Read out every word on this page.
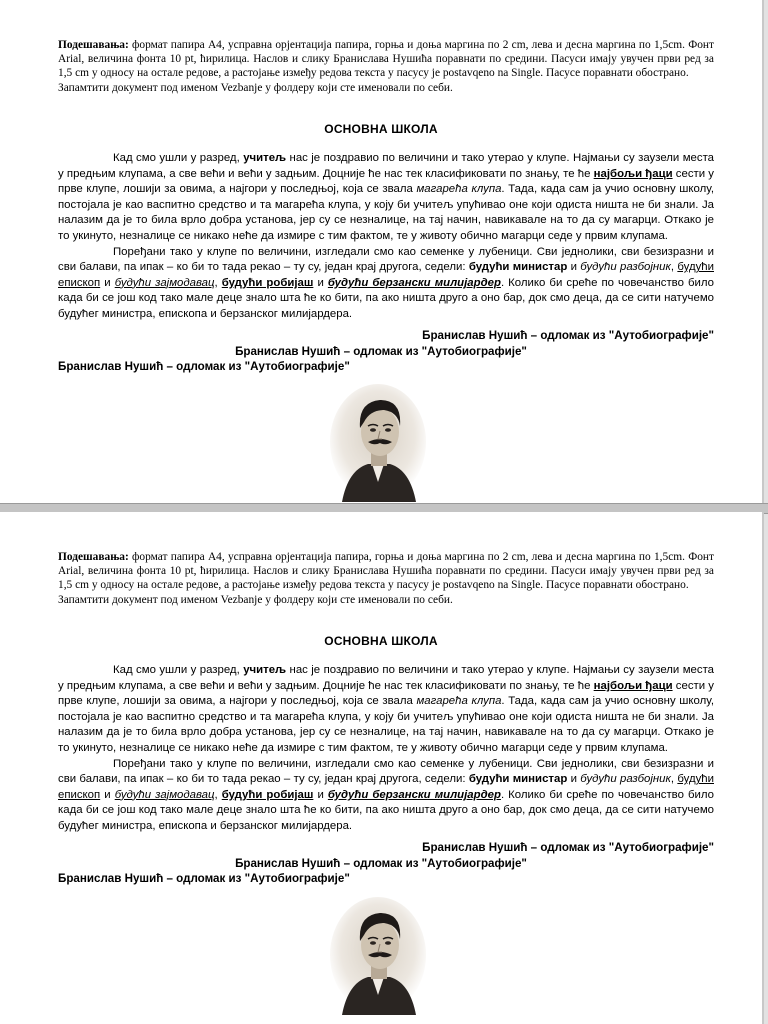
Подешавања: формат папира А4, усправна орјентација папира, горња и доња маргина по 2 cm, лева и десна маргина по 1,5cm. Фонт Arial, величина фонта 10 pt, ћирилица. Наслов и слику Бранислава Нушића поравнати по средини. Пасуси имају увучен први ред за 1,5 cm у односу на остале редове, а растојање између редова текста у пасусу је postavqeno na Single. Пасусе поравнати обострано.

Запамтити документ под именом Vezbanje у фолдеру који сте именовали по себи.

ОСНОВНА ШКОЛА

Кад смо ушли у разред, учитељ нас је поздрaвио по величини и тако утерао у клупе. Најмањи су заузели места у предњим клупама, а све већи и већи у задњим. Доцније ће нас тек класификовати по знању, те ће најбољи ђаци сести у прве клупе, лошији за овима, а најгори у последњој, која се звала магарећа клупа. Тада, када сам ја учио основну школу, постојала је као васпитно средство и та магарећа клупа, у коју би учитељ упућивао оне који одиста ништа не би знали. Ја налазим да је то била врло добра установа, јер су се незналице, на тај начин, навикавале на то да су магарци. Откако је то укинуто, незналице се никако неће да измире с тим фактом, те у животу обично магарци седе у првим клупама.

Поређани тако у клупе по величини, изгледали смо као семенке у лубеници. Сви једнолики, сви безизразни и сви балави, па ипак – ко би то тада рекао – ту су, један крај другога, седели: будући министар и будући разбојник, будући епископ и будући зајмодавац, будући робијаш и будући берзански милијардер. Колико би среће по човечанство било када би се још код тако мале деце знало шта ће ко бити, па ако ништа друго а оно бар, док смо деца, да се сити натучемо будућег министра, епископа и берзанског милијардера.

Бранислав Нушић – одломак из "Аутобиографије"
Бранислав Нушић – одломак из "Аутобиографије"
Бранислав Нушић – одломак из "Аутобиографије"

Подешавања: формат папира А4, усправна орјентација папира, горња и доња маргина по 2 cm, лева и десна маргина по 1,5cm. Фонт Arial, величина фонта 10 pt, ћирилица. Наслов и слику Бранислава Нушића поравнати по средини. Пасуси имају увучен први ред за 1,5 cm у односу на остале редове, а растојање између редова текста у пасусу је postavqeno na Single. Пасусе поравнати обострано.

Запамтити документ под именом Vezbanje у фолдеру који сте именовали по себи.

ОСНОВНА ШКОЛА

Кад смо ушли у разред, учитељ нас је поздрaвио по величини и тако утерао у клупе. Најмањи су заузели места у предњим клупама, а све већи и већи у задњим. Доцније ће нас тек класификовати по знању, те ће најбољи ђаци сести у прве клупе, лошији за овима, а најгори у последњој, која се звала магарећа клупа. Тада, када сам ја учио основну школу, постојала је као васпитно средство и та магарећа клупа, у коју би учитељ упућивао оне који одиста ништа не би знали. Ја налазим да је то била врло добра установа, јер су се незналице, на тај начин, навикавале на то да су магарци. Откако је то укинуто, незналице се никако неће да измире с тим фактом, те у животу обично магарци седе у првим клупама.

Поређани тако у клупе по величини, изгледали смо као семенке у лубеници. Сви једнолики, сви безизразни и сви балави, па ипак – ко би то тада рекао – ту су, један крај другога, седели: будући министар и будући разбојник, будући епископ и будући зајмодавац, будући робијаш и будући берзански милијардер. Колико би среће по човечанство било када би се још код тако мале деце знало шта ће ко бити, па ако ништа друго а оно бар, док смо деца, да се сити натучемо будућег министра, епископа и берзанског милијардера.

Бранислав Нушић – одломак из "Аутобиографије"
Бранислав Нушић – одломак из "Аутобиографије"
Бранислав Нушић – одломак из "Аутобиографије"
